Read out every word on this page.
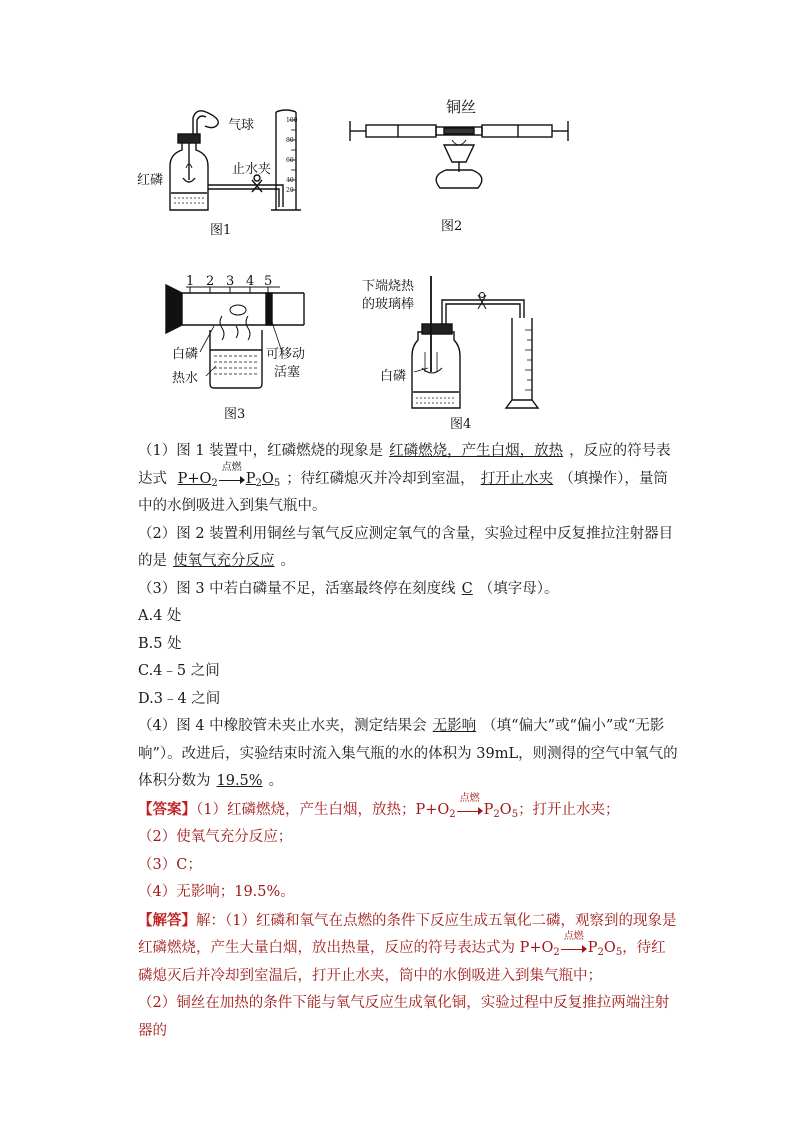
气球
红磷
止水夹
图1
100
80
60
40
20
铜丝
图2
1 2 3 4 5
白磷
热水
可移动
活塞
图3
下端烧热
的玻璃棒
白磷
图4

（1）图 1 装置中，红磷燃烧的现象是 红磷燃烧，产生白烟，放热 ，反应的符号表达式 $P+O_2$
点燃
$P_2O_5$ ；待红磷熄灭并冷却到室温， 打开止水夹 （填操作），量筒中的水倒吸进入到集气瓶中。

（2）图 2 装置利用铜丝与氧气反应测定氧气的含量，实验过程中反复推拉注射器目的是 使氧气充分反应 。

（3）图 3 中若白磷量不足，活塞最终停在刻度线 C （填字母）。

A.4 处

B.5 处

C.4﹣5 之间

D.3﹣4 之间

（4）图 4 中橡胶管未夹止水夹，测定结果会 无影响 （填“偏大”或“偏小”或“无影响”）。改进后，实验结束时流入集气瓶的水的体积为 39mL，则测得的空气中氧气的体积分数为 19.5% 。

【答案】（1）红磷燃烧，产生白烟，放热；$P+O_2$
点燃
$P_2O_5$；打开止水夹；

（2）使氧气充分反应；

（3）C；

（4）无影响；19.5%。

【解答】解：（1）红磷和氧气在点燃的条件下反应生成五氧化二磷，观察到的现象是红磷燃烧，产生大量白烟，放出热量，反应的符号表达式为 $P+O_2$
点燃
$P_2O_5$，待红磷熄灭后并冷却到室温后，打开止水夹，筒中的水倒吸进入到集气瓶中；

（2）铜丝在加热的条件下能与氧气反应生成氧化铜，实验过程中反复推拉两端注射器的
